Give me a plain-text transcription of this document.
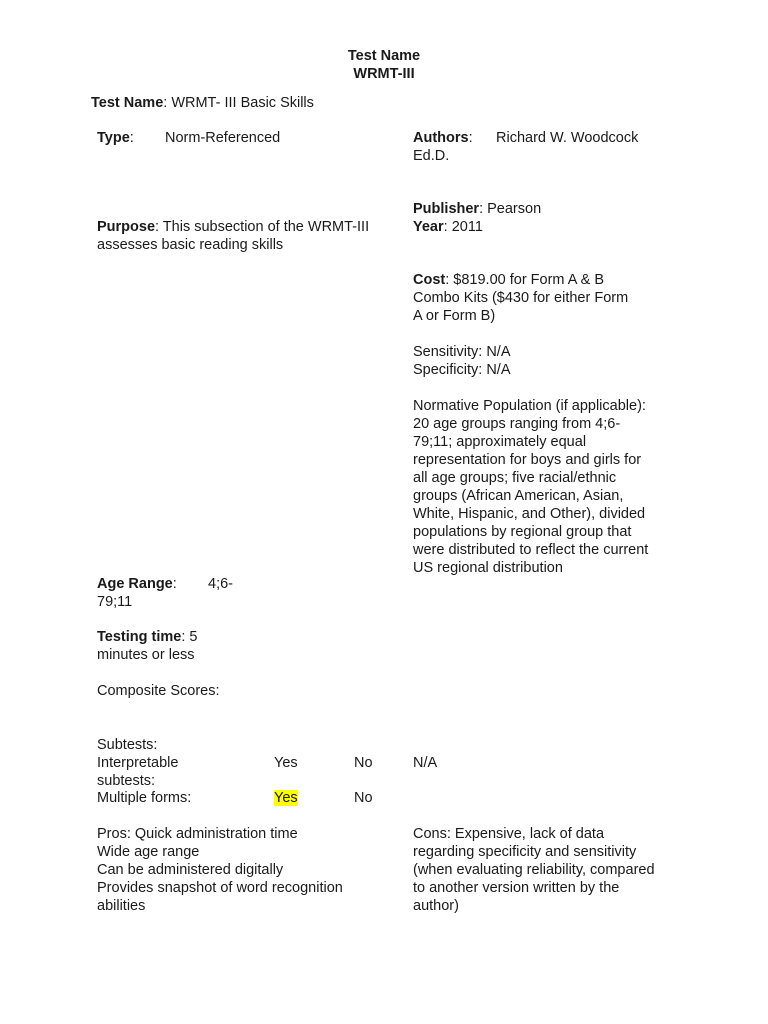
Test Name
WRMT-III
Test Name: WRMT- III Basic Skills
Type: Norm-Referenced	Authors: Richard W. Woodcock
Ed.D.
Publisher: Pearson
Year: 2011
Purpose: This subsection of the WRMT-III
assesses basic reading skills
Cost: $819.00 for Form A & B
Combo Kits ($430 for either Form
A or Form B)
Sensitivity: N/A
Specificity: N/A
Normative Population (if applicable):
20 age groups ranging from 4;6-
79;11; approximately equal
representation for boys and girls for
all age groups; five racial/ethnic
groups (African American, Asian,
White, Hispanic, and Other), divided
populations by regional group that
were distributed to reflect the current
US regional distribution
Age Range: 4;6-
79;11
Testing time: 5
minutes or less
Composite Scores:
Subtests:
Interpretable
subtests:
Yes	No	N/A
Multiple forms:	Yes	No
Pros: Quick administration time
Wide age range
Can be administered digitally
Provides snapshot of word recognition
abilities
Cons: Expensive, lack of data
regarding specificity and sensitivity
(when evaluating reliability, compared
to another version written by the
author)
